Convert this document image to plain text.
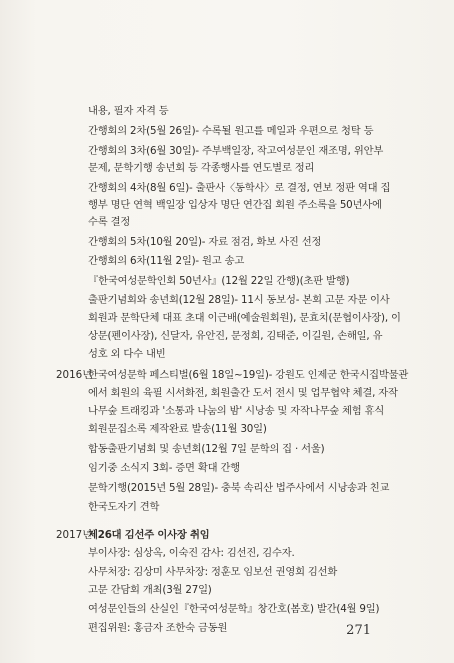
내용, 필자 자격 등
간행회의 2차(5월 26일)- 수록될 원고를 메일과 우편으로 청탁 등
간행회의 3차(6월 30일)- 주부백일장, 작고여성문인 재조명, 위안부
문제, 문학기행 송년회 등 각종행사를 연도별로 정리
간행회의 4차(8월 6일)- 출판사〈동학사〉로 결정, 연보 정판 역대 집
행부 명단 연혁 백일장 입상자 명단 연간집 회원 주소록을 50년사에
수록 결정
간행회의 5차(10월 20일)- 자료 점검, 화보 사진 선정
간행회의 6차(11월 2일)- 원고 송고
『한국여성문학인회 50년사』(12월 22일 간행)(초판 발행)
출판기념회와 송년회(12월 28일)- 11시 동보성- 본회 고문 자문 이사
회원과 문학단체 대표 초대 이근배(예술원회원), 문효치(문협이사장), 이
상문(펜이사장), 신달자, 유안진, 문정희, 김태준, 이길원, 손해일, 유
성호 외 다수 내빈
2016년
한국여성문학 페스티벌(6월 18일~19일)- 강원도 인제군 한국시집박물관
에서 회원의 육필 시서화전, 회원출간 도서 전시 및 업무협약 체결, 자작
나무숲 트래킹과 '소통과 나눔의 밤' 시낭송 및 자작나무숲 체험 휴식
회원문집소록 제작완료 발송(11월 30일)
합동출판기념회 및 송년회(12월 7일 문학의 집 · 서울)
임기중 소식지 3회- 증면 확대 간행
문학기행(2015년 5월 28일)- 충북 속리산 법주사에서 시낭송과 친교
한국도자기 견학
2017년
제26대 김선주 이사장 취임
부이사장: 심상옥, 이숙진 감사: 김선진, 김수자.
사무처장: 김상미 사무차장: 정훈모 임보선 권영희 김선화
고문 간담회 개최(3월 27일)
여성문인들의 산실인『한국여성문학』창간호(봄호) 발간(4월 9일)
편집위원: 홍금자 조한숙 금동원	271
